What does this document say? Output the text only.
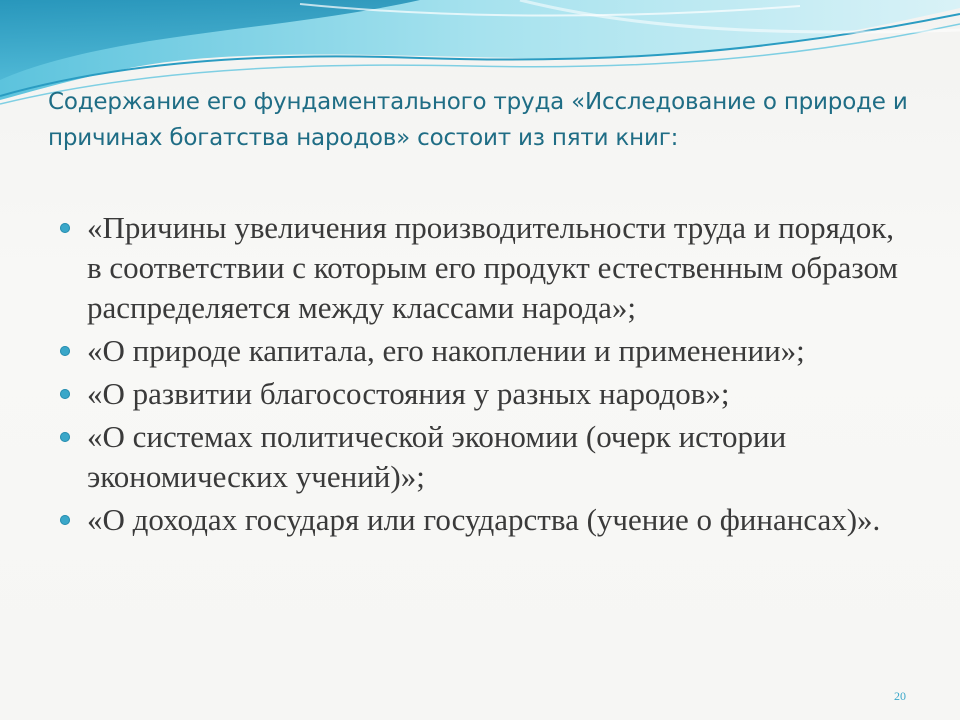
Содержание его фундаментального труда «Исследование о природе и причинах богатства народов» состоит из пяти книг:
«Причины увеличения производительности труда и порядок, в соответствии с которым его продукт естественным образом распределяется между классами народа»;
«О природе капитала, его накоплении и применении»;
«О развитии благосостояния у разных народов»;
«О системах политической экономии (очерк истории экономических учений)»;
«О доходах государя или государства (учение о финансах)».
20
